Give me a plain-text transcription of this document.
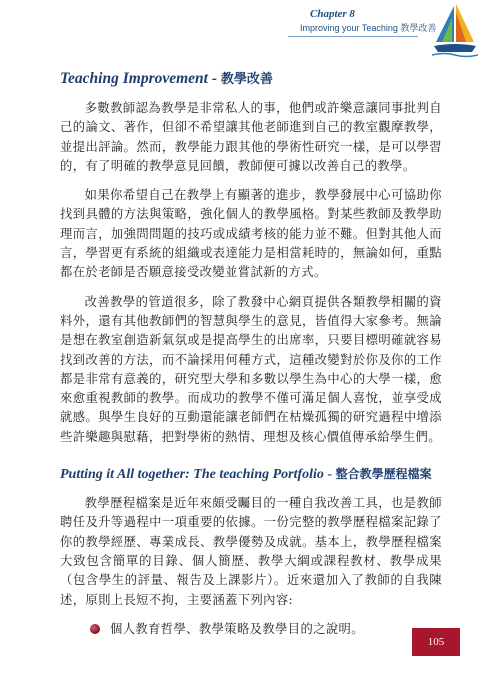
Chapter 8
Improving your Teaching 教學改善
Teaching Improvement - 教學改善

多數教師認為教學是非常私人的事，他們或許樂意讓同事批判自己的論文、著作，但卻不希望讓其他老師進到自己的教室觀摩教學，並提出評論。然而，教學能力跟其他的學術性研究一樣，是可以學習的，有了明確的教學意見回饋，教師便可據以改善自己的教學。

如果你希望自己在教學上有顯著的進步，教學發展中心可協助你找到具體的方法與策略，強化個人的教學風格。對某些教師及教學助理而言，加強問問題的技巧或成績考核的能力並不難。但對其他人而言，學習更有系統的組織或表達能力是相當耗時的，無論如何，重點都在於老師是否願意接受改變並嘗試新的方式。

改善教學的管道很多，除了教發中心網頁提供各類教學相關的資料外，還有其他教師們的智慧與學生的意見，皆值得大家參考。無論是想在教室創造新氣氛或是提高學生的出席率，只要目標明確就容易找到改善的方法，而不論採用何種方式，這種改變對於你及你的工作都是非常有意義的，研究型大學和多數以學生為中心的大學一樣，愈來愈重視教師的教學。而成功的教學不僅可滿足個人喜悅，並享受成就感。與學生良好的互動還能讓老師們在枯燥孤獨的研究過程中增添些許樂趣與慰藉，把對學術的熱情、理想及核心價值傳承給學生們。

Putting it All together: The teaching Portfolio - 整合教學歷程檔案

教學歷程檔案是近年來頗受矚目的一種自我改善工具，也是教師聘任及升等過程中一項重要的依據。一份完整的教學歷程檔案記錄了你的教學經歷、專業成長、教學優勢及成就。基本上，教學歷程檔案大致包含簡單的目錄、個人簡歷、教學大綱或課程教材、教學成果（包含學生的評量、報告及上課影片）。近來還加入了教師的自我陳述，原則上長短不拘，主要涵蓋下列內容:

個人教育哲學、教學策略及教學目的之說明。
105
